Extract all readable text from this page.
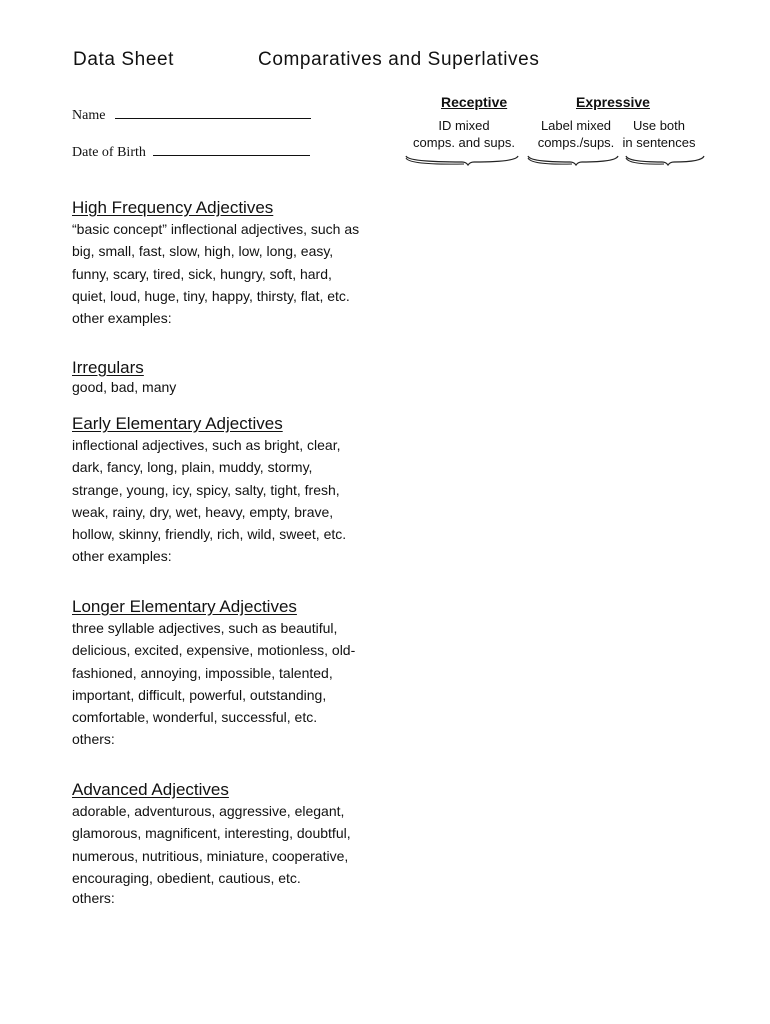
Data Sheet	Comparatives and Superlatives
Name
Date of Birth
Receptive	Expressive
ID mixed
comps. and sups.
Label mixed
comps./sups.
Use both
in sentences

High Frequency Adjectives

“basic concept” inflectional adjectives, such as

big, small, fast, slow, high, low, long, easy,

funny, scary, tired, sick, hungry, soft, hard,

quiet, loud, huge, tiny, happy, thirsty, flat, etc.

other examples:

Irregulars

good, bad, many

Early Elementary Adjectives

inflectional adjectives, such as bright, clear,

dark, fancy, long, plain, muddy, stormy,

strange, young, icy, spicy, salty, tight, fresh,

weak, rainy, dry, wet, heavy, empty, brave,

hollow, skinny, friendly, rich, wild, sweet, etc.

other examples:

Longer Elementary Adjectives

three syllable adjectives, such as beautiful,

delicious, excited, expensive, motionless, old-

fashioned, annoying, impossible, talented,

important, difficult, powerful, outstanding,

comfortable, wonderful, successful, etc.

others:

Advanced Adjectives

adorable, adventurous, aggressive, elegant,

glamorous, magnificent, interesting, doubtful,

numerous, nutritious, miniature, cooperative,

encouraging, obedient, cautious, etc.

others:
